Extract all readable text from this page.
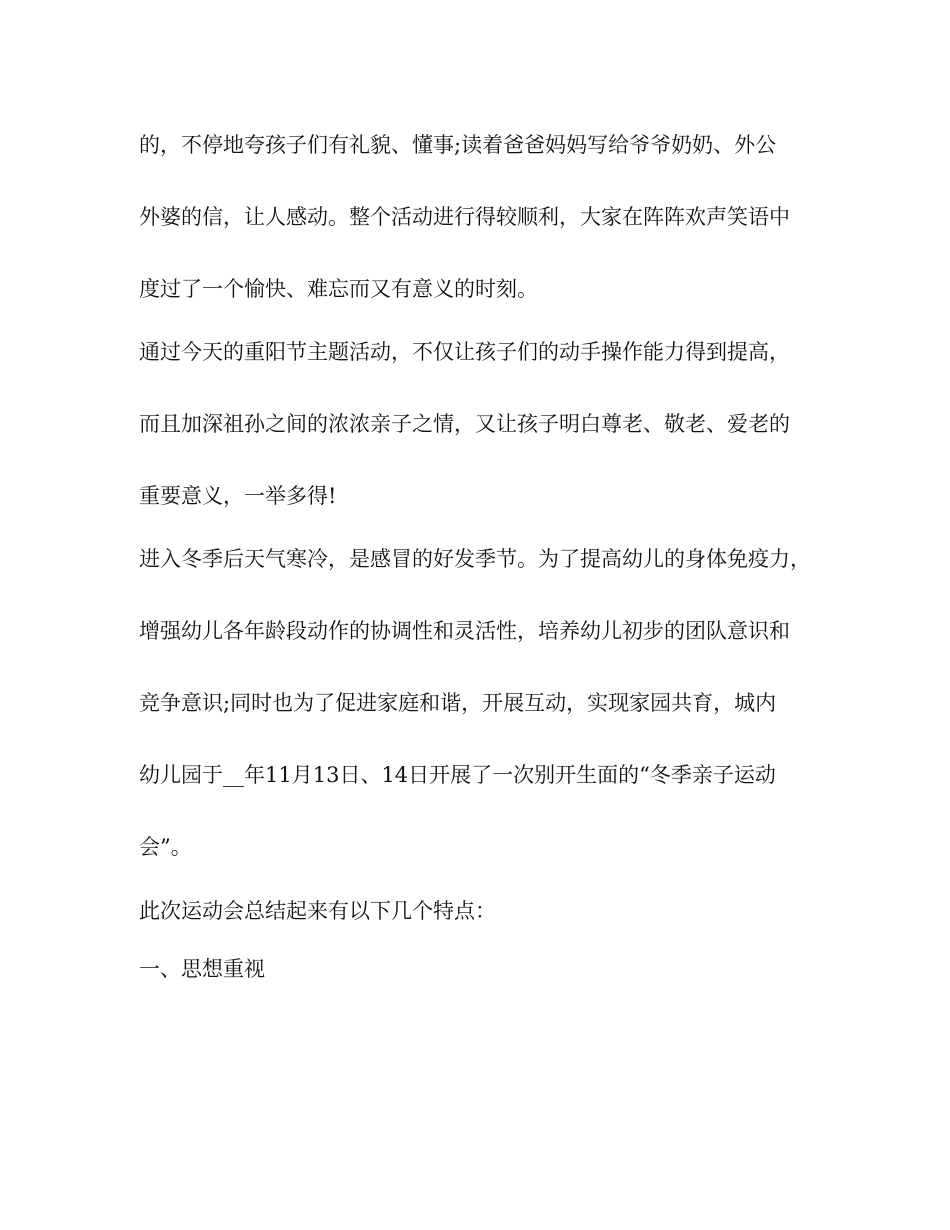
的，不停地夸孩子们有礼貌、懂事;读着爸爸妈妈写给爷爷奶奶、外公
外婆的信，让人感动。整个活动进行得较顺利，大家在阵阵欢声笑语中
度过了一个愉快、难忘而又有意义的时刻。
通过今天的重阳节主题活动，不仅让孩子们的动手操作能力得到提高，
而且加深祖孙之间的浓浓亲子之情，又让孩子明白尊老、敬老、爱老的
重要意义，一举多得!
进入冬季后天气寒冷，是感冒的好发季节。为了提高幼儿的身体免疫力，
增强幼儿各年龄段动作的协调性和灵活性，培养幼儿初步的团队意识和
竞争意识;同时也为了促进家庭和谐，开展互动，实现家园共育，城内
幼儿园于__年11月13日、14日开展了一次别开生面的“冬季亲子运动
会”。
此次运动会总结起来有以下几个特点：
一、思想重视
